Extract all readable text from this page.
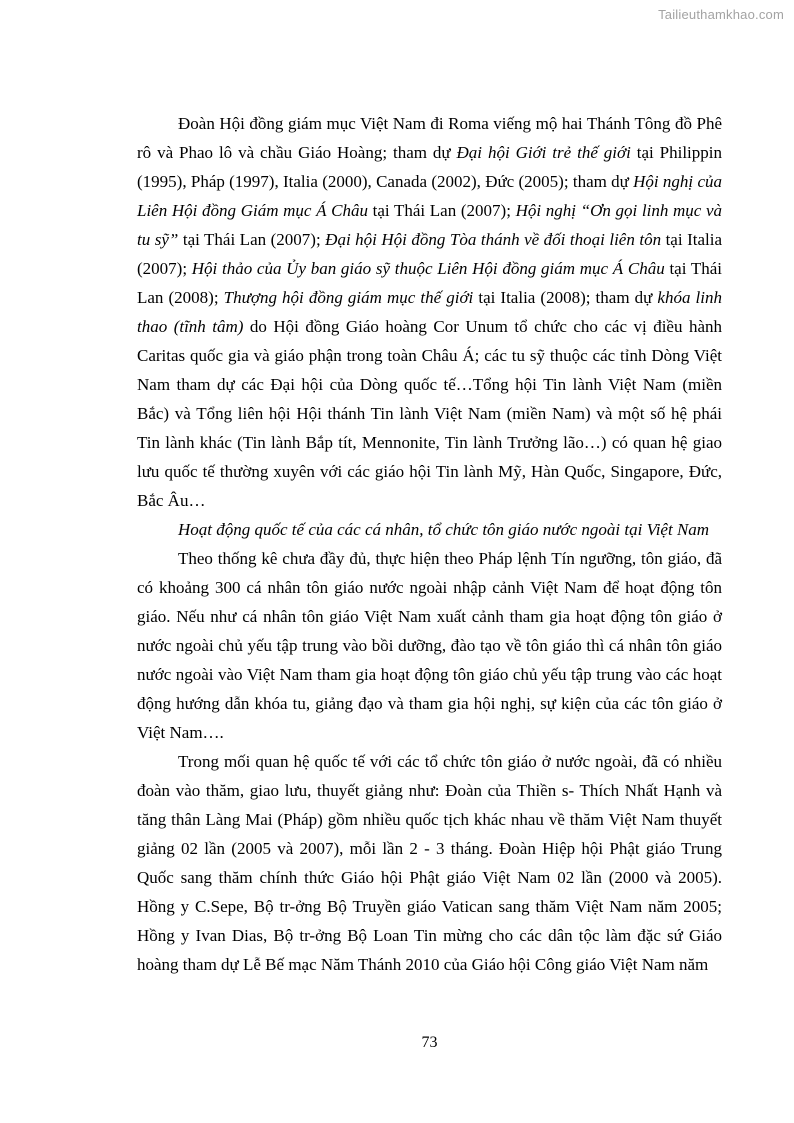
Tailieuthamkhao.com

Đoàn Hội đồng giám mục Việt Nam đi Roma viếng mộ hai Thánh Tông đồ Phê rô và Phao lô và chầu Giáo Hoàng; tham dự Đại hội Giới trẻ thế giới tại Philippin (1995), Pháp (1997), Italia (2000), Canada (2002), Đức (2005); tham dự Hội nghị của Liên Hội đồng Giám mục Á Châu tại Thái Lan (2007); Hội nghị “Ơn gọi linh mục và tu sỹ” tại Thái Lan (2007); Đại hội Hội đồng Tòa thánh về đối thoại liên tôn tại Italia (2007); Hội thảo của Ủy ban giáo sỹ thuộc Liên Hội đồng giám mục Á Châu tại Thái Lan (2008); Thượng hội đồng giám mục thế giới tại Italia (2008); tham dự khóa linh thao (tĩnh tâm) do Hội đồng Giáo hoàng Cor Unum tổ chức cho các vị điều hành Caritas quốc gia và giáo phận trong toàn Châu Á; các tu sỹ thuộc các tỉnh Dòng Việt Nam tham dự các Đại hội của Dòng quốc tế…Tổng hội Tin lành Việt Nam (miền Bắc) và Tổng liên hội Hội thánh Tin lành Việt Nam (miền Nam) và một số hệ phái Tin lành khác (Tin lành Bắp tít, Mennonite, Tin lành Trưởng lão…) có quan hệ giao lưu quốc tế thường xuyên với các giáo hội Tin lành Mỹ, Hàn Quốc, Singapore, Đức, Bắc Âu…

Hoạt động quốc tế của các cá nhân, tổ chức tôn giáo nước ngoài tại Việt Nam

Theo thống kê chưa đầy đủ, thực hiện theo Pháp lệnh Tín ngưỡng, tôn giáo, đã có khoảng 300 cá nhân tôn giáo nước ngoài nhập cảnh Việt Nam để hoạt động tôn giáo. Nếu như cá nhân tôn giáo Việt Nam xuất cảnh tham gia hoạt động tôn giáo ở nước ngoài chủ yếu tập trung vào bồi dưỡng, đào tạo về tôn giáo thì cá nhân tôn giáo nước ngoài vào Việt Nam tham gia hoạt động tôn giáo chủ yếu tập trung vào các hoạt động hướng dẫn khóa tu, giảng đạo và tham gia hội nghị, sự kiện của các tôn giáo ở Việt Nam….

Trong mối quan hệ quốc tế với các tổ chức tôn giáo ở nước ngoài, đã có nhiều đoàn vào thăm, giao lưu, thuyết giảng như: Đoàn của Thiền s- Thích Nhất Hạnh và tăng thân Làng Mai (Pháp) gồm nhiều quốc tịch khác nhau về thăm Việt Nam thuyết giảng 02 lần (2005 và 2007), mỗi lần 2 - 3 tháng. Đoàn Hiệp hội Phật giáo Trung Quốc sang thăm chính thức Giáo hội Phật giáo Việt Nam 02 lần (2000 và 2005). Hồng y C.Sepe, Bộ tr-ởng Bộ Truyền giáo Vatican sang thăm Việt Nam năm 2005; Hồng y Ivan Dias, Bộ tr-ởng Bộ Loan Tin mừng cho các dân tộc làm đặc sứ Giáo hoàng tham dự Lễ Bế mạc Năm Thánh 2010 của Giáo hội Công giáo Việt Nam năm

73
